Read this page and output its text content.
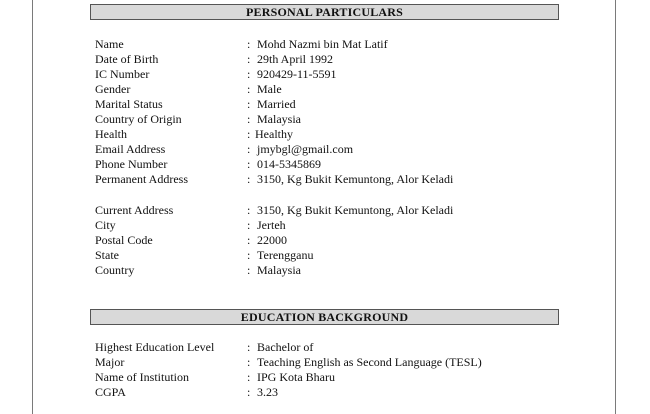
PERSONAL PARTICULARS
Name	: Mohd Nazmi bin Mat Latif
Date of Birth	: 29th April 1992
IC Number	: 920429-11-5591
Gender	: Male
Marital Status	: Married
Country of Origin	: Malaysia
Health	: Healthy
Email Address	: jmybgl@gmail.com
Phone Number	: 014-5345869
Permanent Address	: 3150, Kg Bukit Kemuntong, Alor Keladi
Current Address	: 3150, Kg Bukit Kemuntong, Alor Keladi
City	: Jerteh
Postal Code	: 22000
State	: Terengganu
Country	: Malaysia
EDUCATION BACKGROUND
Highest Education Level	: Bachelor of
Major	: Teaching English as Second Language (TESL)
Name of Institution	: IPG Kota Bharu
CGPA	: 3.23
